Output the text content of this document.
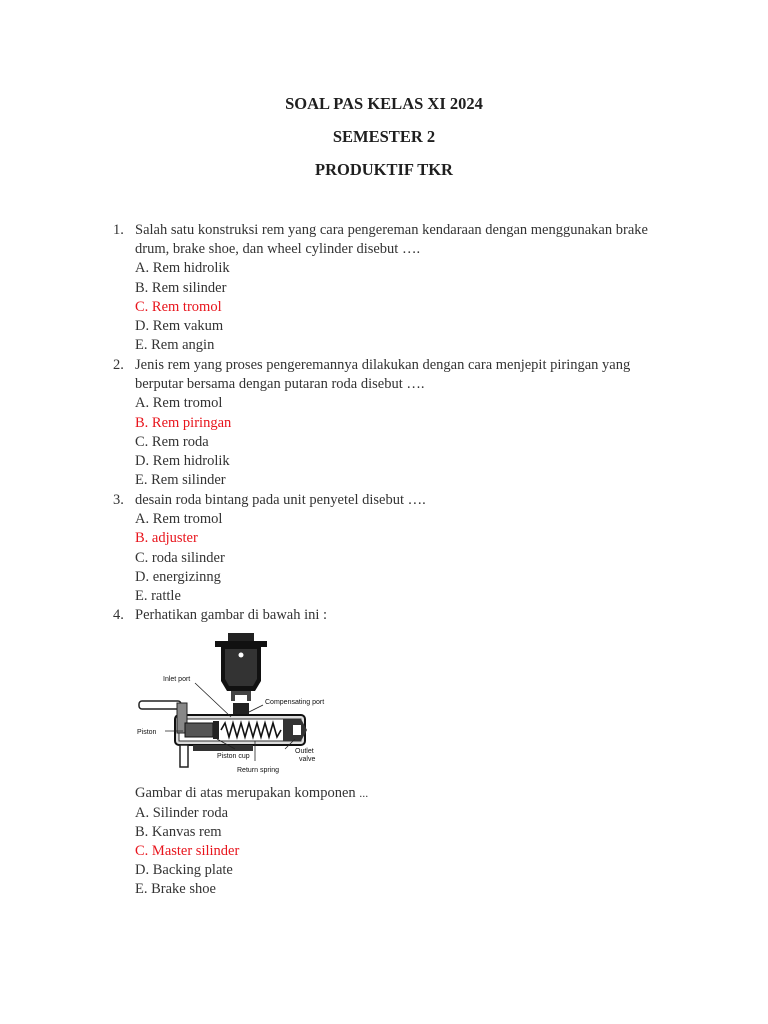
SOAL PAS KELAS XI 2024
SEMESTER 2
PRODUKTIF TKR
1. Salah satu konstruksi rem yang cara pengereman kendaraan dengan menggunakan brake drum, brake shoe, dan wheel cylinder disebut ….
A. Rem hidrolik
B. Rem silinder
C. Rem tromol
D. Rem vakum
E. Rem angin
2. Jenis rem yang proses pengeremannya dilakukan dengan cara menjepit piringan yang berputar bersama dengan putaran roda disebut ….
A. Rem tromol
B. Rem piringan
C. Rem roda
D. Rem hidrolik
E. Rem silinder
3. desain roda bintang pada unit penyetel disebut ….
A. Rem tromol
B. adjuster
C. roda silinder
D. energizinng
E. rattle
4. Perhatikan gambar di bawah ini :
Inlet port
Compensating port
Piston
Piston cup
Outlet
valve
Return spring
Gambar di atas merupakan komponen ...
A. Silinder roda
B. Kanvas rem
C. Master silinder
D. Backing plate
E. Brake shoe
